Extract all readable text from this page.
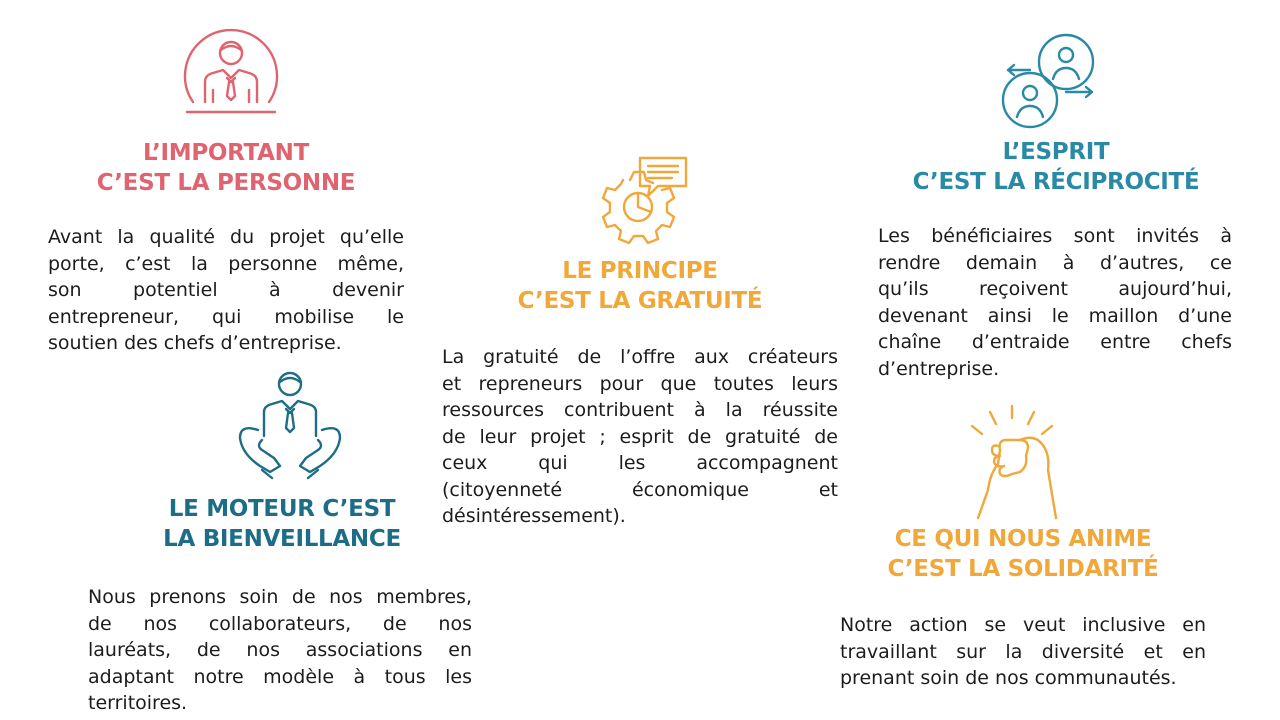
L’IMPORTANT
C’EST LA PERSONNE
LE PRINCIPE
C’EST LA GRATUITÉ
L’ESPRIT
C’EST LA RÉCIPROCITÉ
LE MOTEUR C’EST
LA BIENVEILLANCE	CE QUI NOUS ANIME
C’EST LA SOLIDARITÉ
Avant la qualité du projet qu’elle
porte, c’est la personne même,
son potentiel à devenir
entrepreneur, qui mobilise le
soutien des chefs d’entreprise.
La gratuité de l’offre aux créateurs
et repreneurs pour que toutes leurs
ressources contribuent à la réussite
de leur projet ; esprit de gratuité de
ceux qui les accompagnent
(citoyenneté économique et
désintéressement).
Les bénéficiaires sont invités à
rendre demain à d’autres, ce
qu’ils reçoivent aujourd’hui,
devenant ainsi le maillon d’une
chaîne d’entraide entre chefs
d’entreprise.
Nous prenons soin de nos membres,
de nos collaborateurs, de nos
lauréats, de nos associations en
adaptant notre modèle à tous les
territoires.
Notre action se veut inclusive en
travaillant sur la diversité et en
prenant soin de nos communautés.
